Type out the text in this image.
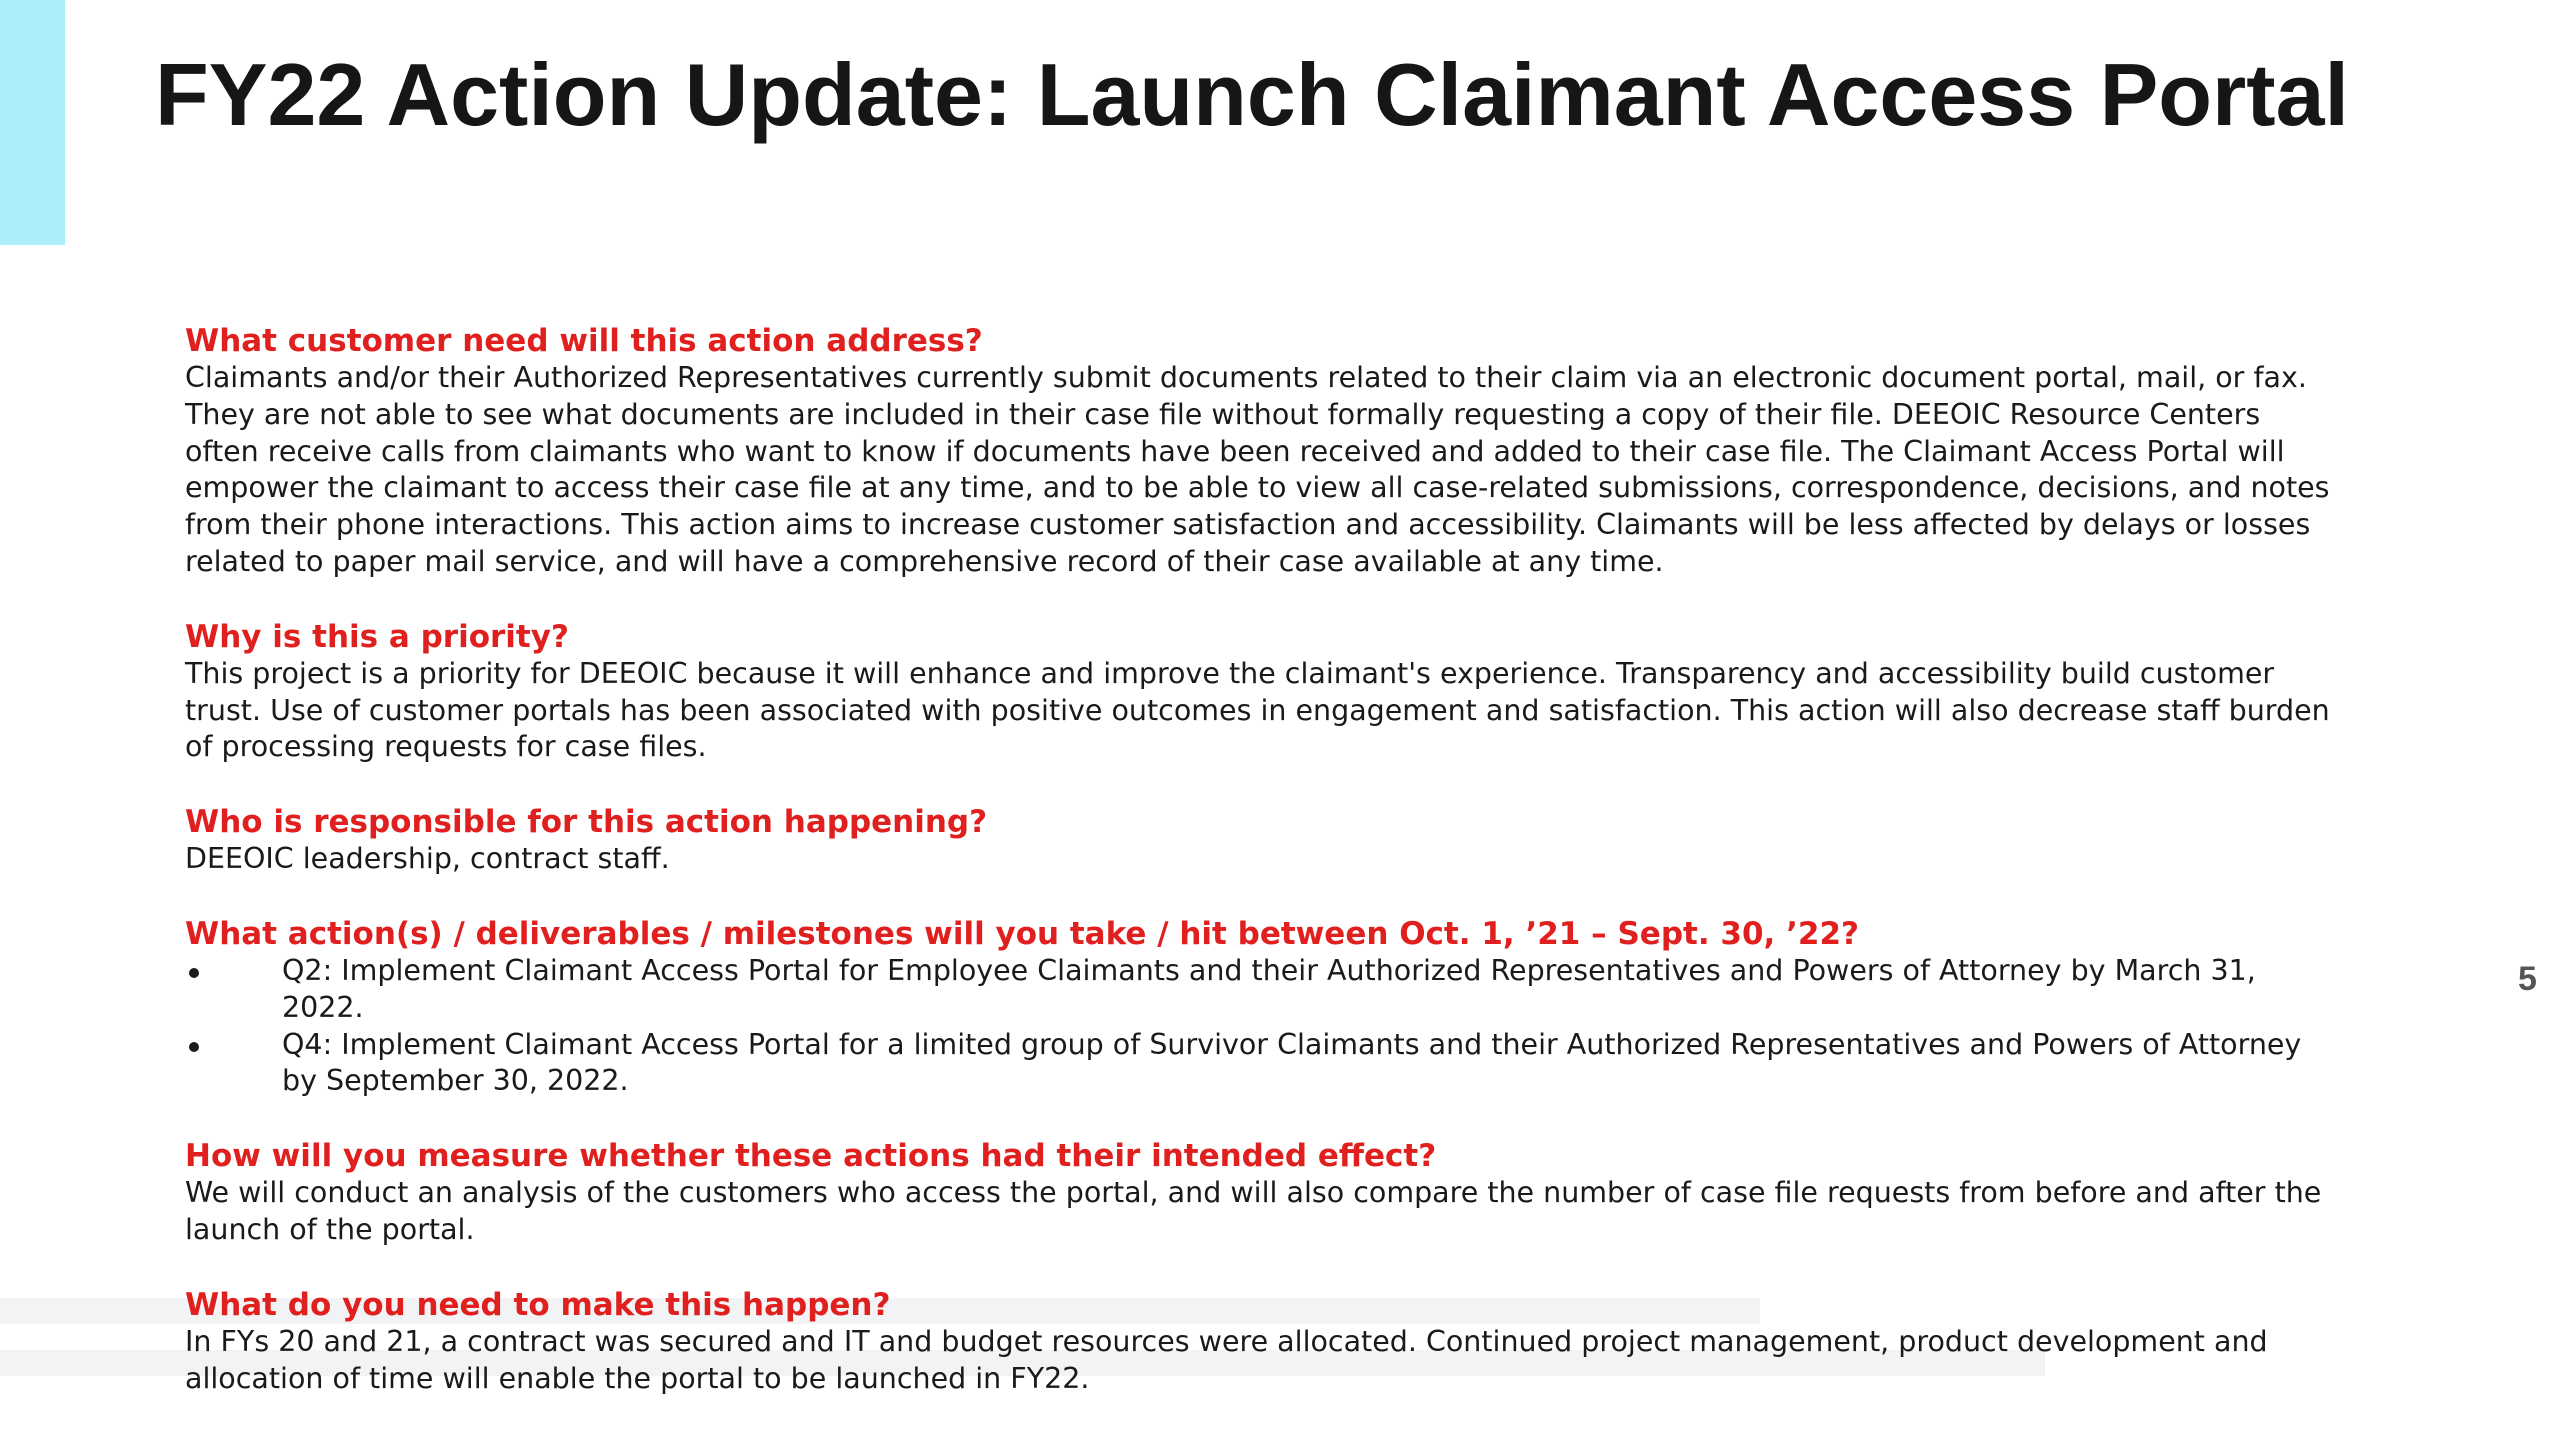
FY22 Action Update: Launch Claimant Access Portal

What customer need will this action address?

Claimants and/or their Authorized Representatives currently submit documents related to their claim via an electronic document portal, mail, or fax. They are not able to see what documents are included in their case file without formally requesting a copy of their file. DEEOIC Resource Centers often receive calls from claimants who want to know if documents have been received and added to their case file. The Claimant Access Portal will empower the claimant to access their case file at any time, and to be able to view all case-related submissions, correspondence, decisions, and notes from their phone interactions. This action aims to increase customer satisfaction and accessibility. Claimants will be less affected by delays or losses related to paper mail service, and will have a comprehensive record of their case available at any time.

Why is this a priority?

This project is a priority for DEEOIC because it will enhance and improve the claimant's experience. Transparency and accessibility build customer trust. Use of customer portals has been associated with positive outcomes in engagement and satisfaction. This action will also decrease staff burden of processing requests for case files.

Who is responsible for this action happening?

DEEOIC leadership, contract staff.

What action(s) / deliverables / milestones will you take / hit between Oct. 1, ’21 – Sept. 30, ’22?

Q2: Implement Claimant Access Portal for Employee Claimants and their Authorized Representatives and Powers of Attorney by March 31, 2022.
Q4: Implement Claimant Access Portal for a limited group of Survivor Claimants and their Authorized Representatives and Powers of Attorney by September 30, 2022.

How will you measure whether these actions had their intended effect?

We will conduct an analysis of the customers who access the portal, and will also compare the number of case file requests from before and after the launch of the portal.

What do you need to make this happen?

In FYs 20 and 21, a contract was secured and IT and budget resources were allocated. Continued project management, product development and allocation of time will enable the portal to be launched in FY22.

5
